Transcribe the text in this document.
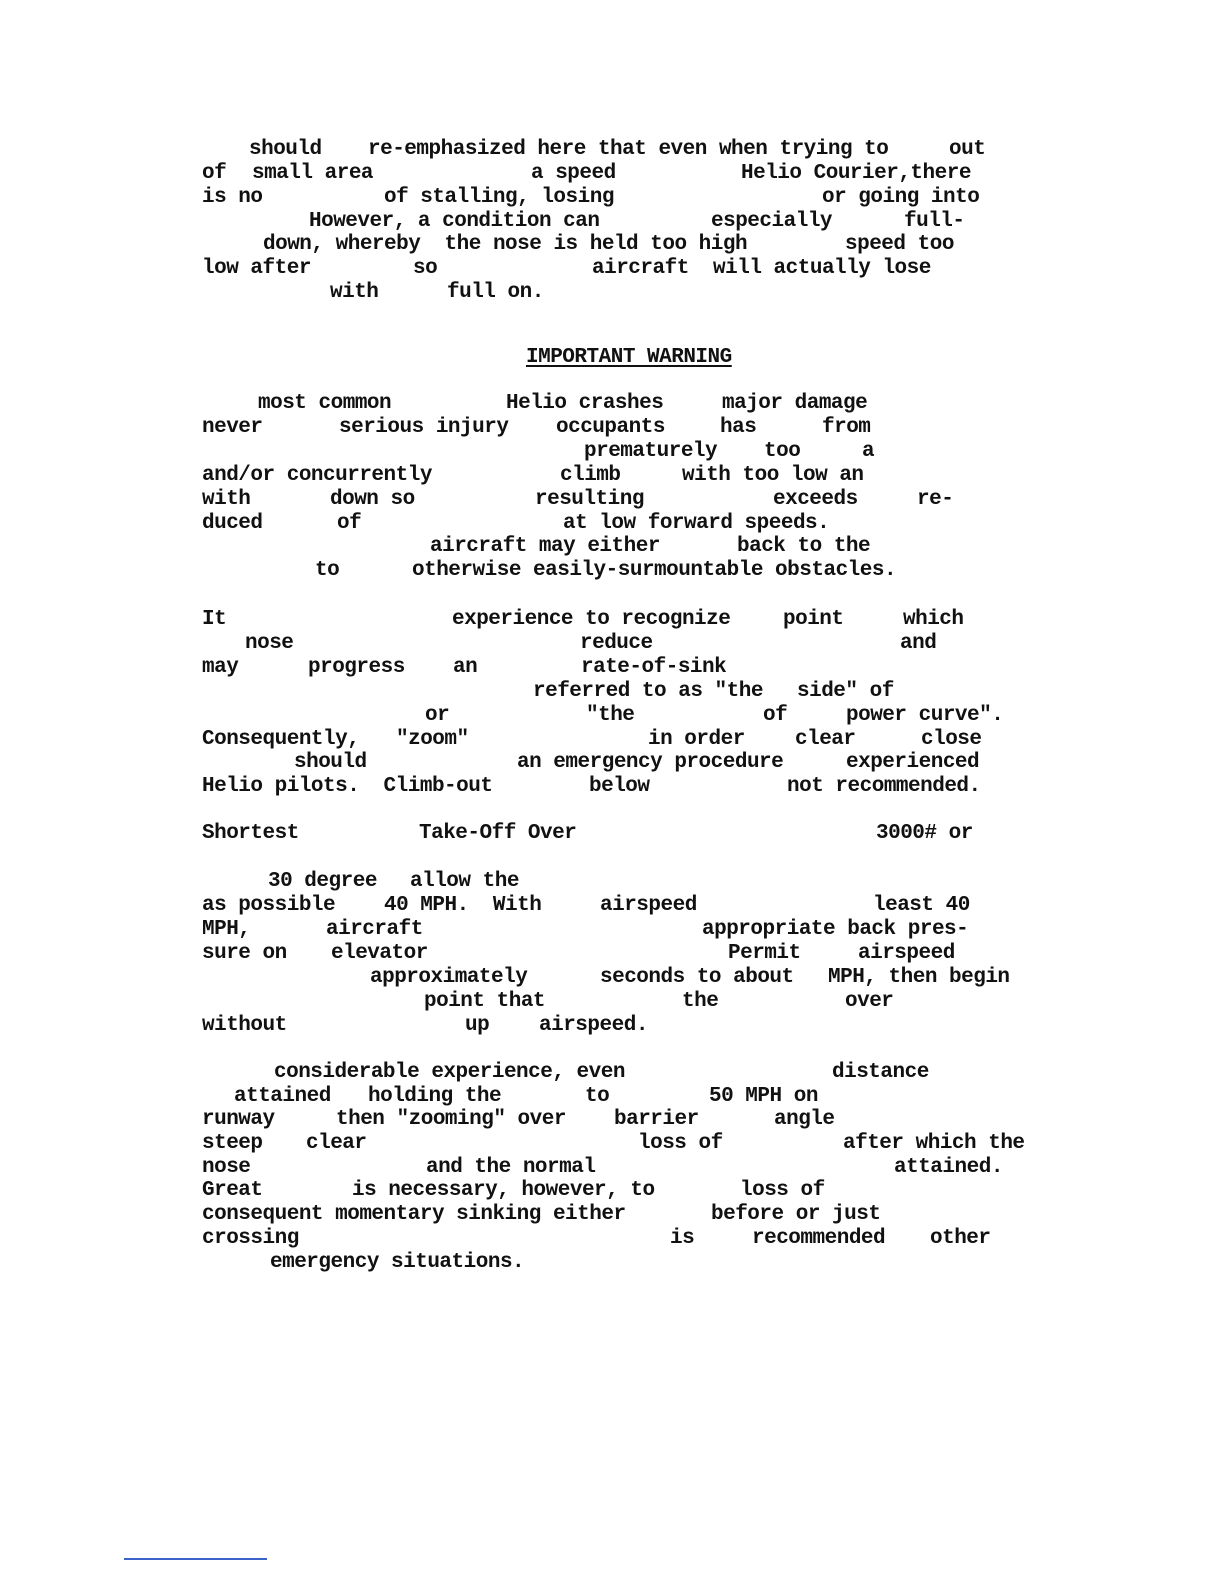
should re-emphasized here that even when trying to	out
of small area	a speed	Helio Courier,there
is no	of stalling, losing	or going into
However, a condition can	especially	full-
down, whereby  the nose is held too high	speed too
low after	so	aircraft  will actually lose
with	full on.
most common	Helio crashes	major damage
never	serious injury occupants	has	from
prematurely too	a
and/or concurrently	climb	with too low an
with	down so	resulting	exceeds	re-
duced	of	at low forward speeds.
aircraft may either	back to the
to	otherwise easily-surmountable obstacles.
It	experience to recognize	point	which
nose	reduce	and
may	progress an	rate-of-sink
referred to as "the side" of
or	"the	of	power curve".
Consequently, "zoom"	in order clear	close
should	an emergency procedure	experienced
Helio pilots.  Climb-out	below	not recommended.
Shortest	Take-Off Over	3000# or
30 degree allow the
as possible 40 MPH.  With	airspeed	least 40
MPH,	aircraft	appropriate back pres-
sure on elevator	Permit	airspeed
approximately	seconds to about MPH, then begin
point that	the	over
without	up airspeed.
considerable experience, even	distance
attained holding the	to	50 MPH on
runway	then "zooming" over barrier	angle
steep clear	loss of	after which the
nose	and the normal	attained.
Great	is necessary, however, to	loss of
consequent momentary sinking either	before or just
crossing	is	recommended other
emergency situations.
IMPORTANT WARNING
